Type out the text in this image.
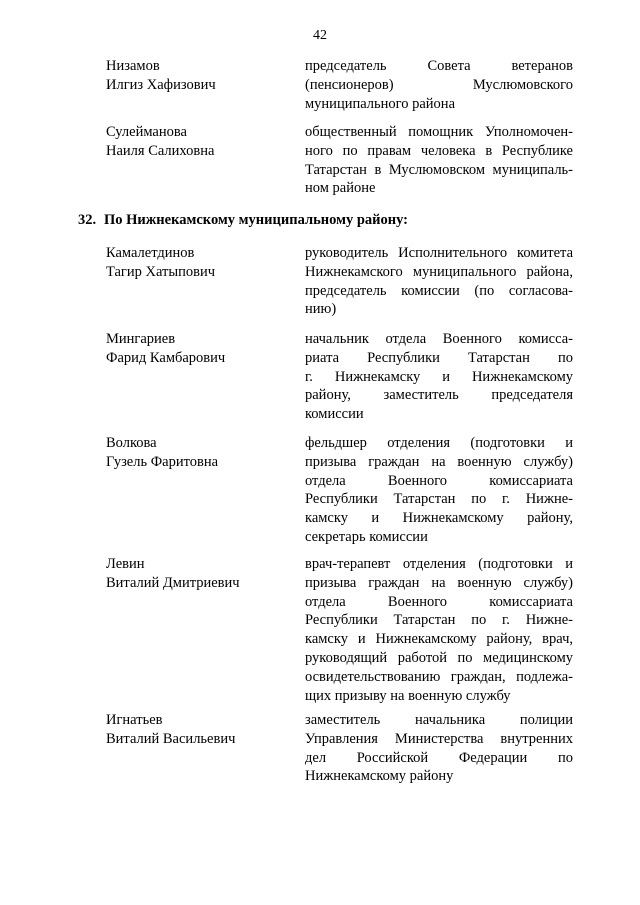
42
Низамов
Илгиз Хафизович
председатель Совета ветеранов
(пенсионеров) Муслюмовского
муниципального района
Сулейманова
Наиля Салиховна
общественный помощник Уполномочен-
ного по правам человека в Республике
Татарстан в Муслюмовском муниципаль-
ном районе
32. По Нижнекамскому муниципальному району:
Камалетдинов
Тагир Хатыпович
руководитель Исполнительного комитета
Нижнекамского муниципального района,
председатель комиссии (по согласова-
нию)
Мингариев
Фарид Камбарович
начальник отдела Военного комисса-
риата Республики Татарстан по
г. Нижнекамску и Нижнекамскому
району, заместитель председателя
комиссии
Волкова
Гузель Фаритовна
фельдшер отделения (подготовки и
призыва граждан на военную службу)
отдела Военного комиссариата
Республики Татарстан по г. Нижне-
камску и Нижнекамскому району,
секретарь комиссии
Левин
Виталий Дмитриевич
врач-терапевт отделения (подготовки и
призыва граждан на военную службу)
отдела Военного комиссариата
Республики Татарстан по г. Нижне-
камску и Нижнекамскому району, врач,
руководящий работой по медицинскому
освидетельствованию граждан, подлежа-
щих призыву на военную службу
Игнатьев
Виталий Васильевич
заместитель начальника полиции
Управления Министерства внутренних
дел Российской Федерации по
Нижнекамскому району
